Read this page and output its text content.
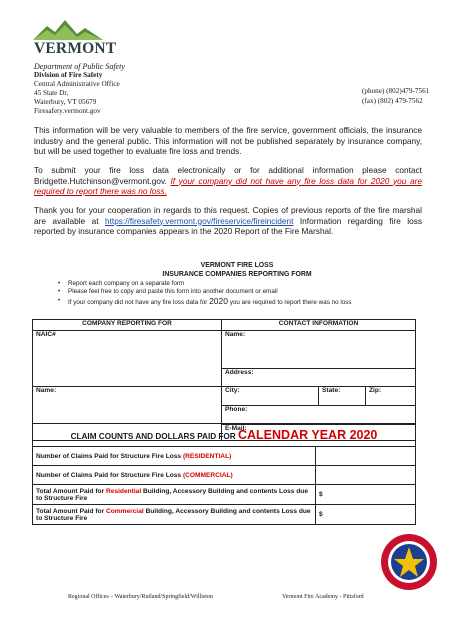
VERMONT
Department of Public Safety
Division of Fire Safety
Central Administrative Office
45 State Dr,
Waterbury, VT 05679
Firesafety.vermont.gov
(phone) (802)479-7561
(fax) (802) 479-7562
This information will be very valuable to members of the fire service, government officials, the insurance industry and the general public. This information will not be published separately by insurance company, but will be used together to evaluate fire loss and trends.
To submit your fire loss data electronically or for additional information please contact Bridgette.Hutchinson@vermont.gov. If your company did not have any fire loss data for 2020 you are required to report there was no loss.
Thank you for your cooperation in regards to this request. Copies of previous reports of the fire marshal are available at https://firesafety.vermont.gov/fireservice/fireincident Information regarding fire loss reported by insurance companies appears in the 2020 Report of the Fire Marshal.
VERMONT FIRE LOSS
INSURANCE COMPANIES REPORTING FORM
• Report each company on a separate form
• Please feel free to copy and paste this form into another document or email
• If your company did not have any fire loss data for 2020 you are required to report there was no loss
COMPANY REPORTING FOR	CONTACT INFORMATION		
NAIC#	Name:		
	Address:		
Name:	City:	State:	Zip:
	Phone:		
	E-Mail:		
CLAIM COUNTS AND DOLLARS PAID FOR CALENDAR YEAR 2020	
Number of Claims Paid for Structure Fire Loss (RESIDENTIAL)	
Number of Claims Paid for Structure Fire Loss (COMMERCIAL)	
Total Amount Paid for Residential Building, Accessory Building and contents Loss due to Structure Fire	$
Total Amount Paid for Commercial Building, Accessory Building and contents Loss due to Structure Fire	$
Regional Offices – Waterbury/Rutland/Springfield/Williston	Vermont Fire Academy - Pittsford
